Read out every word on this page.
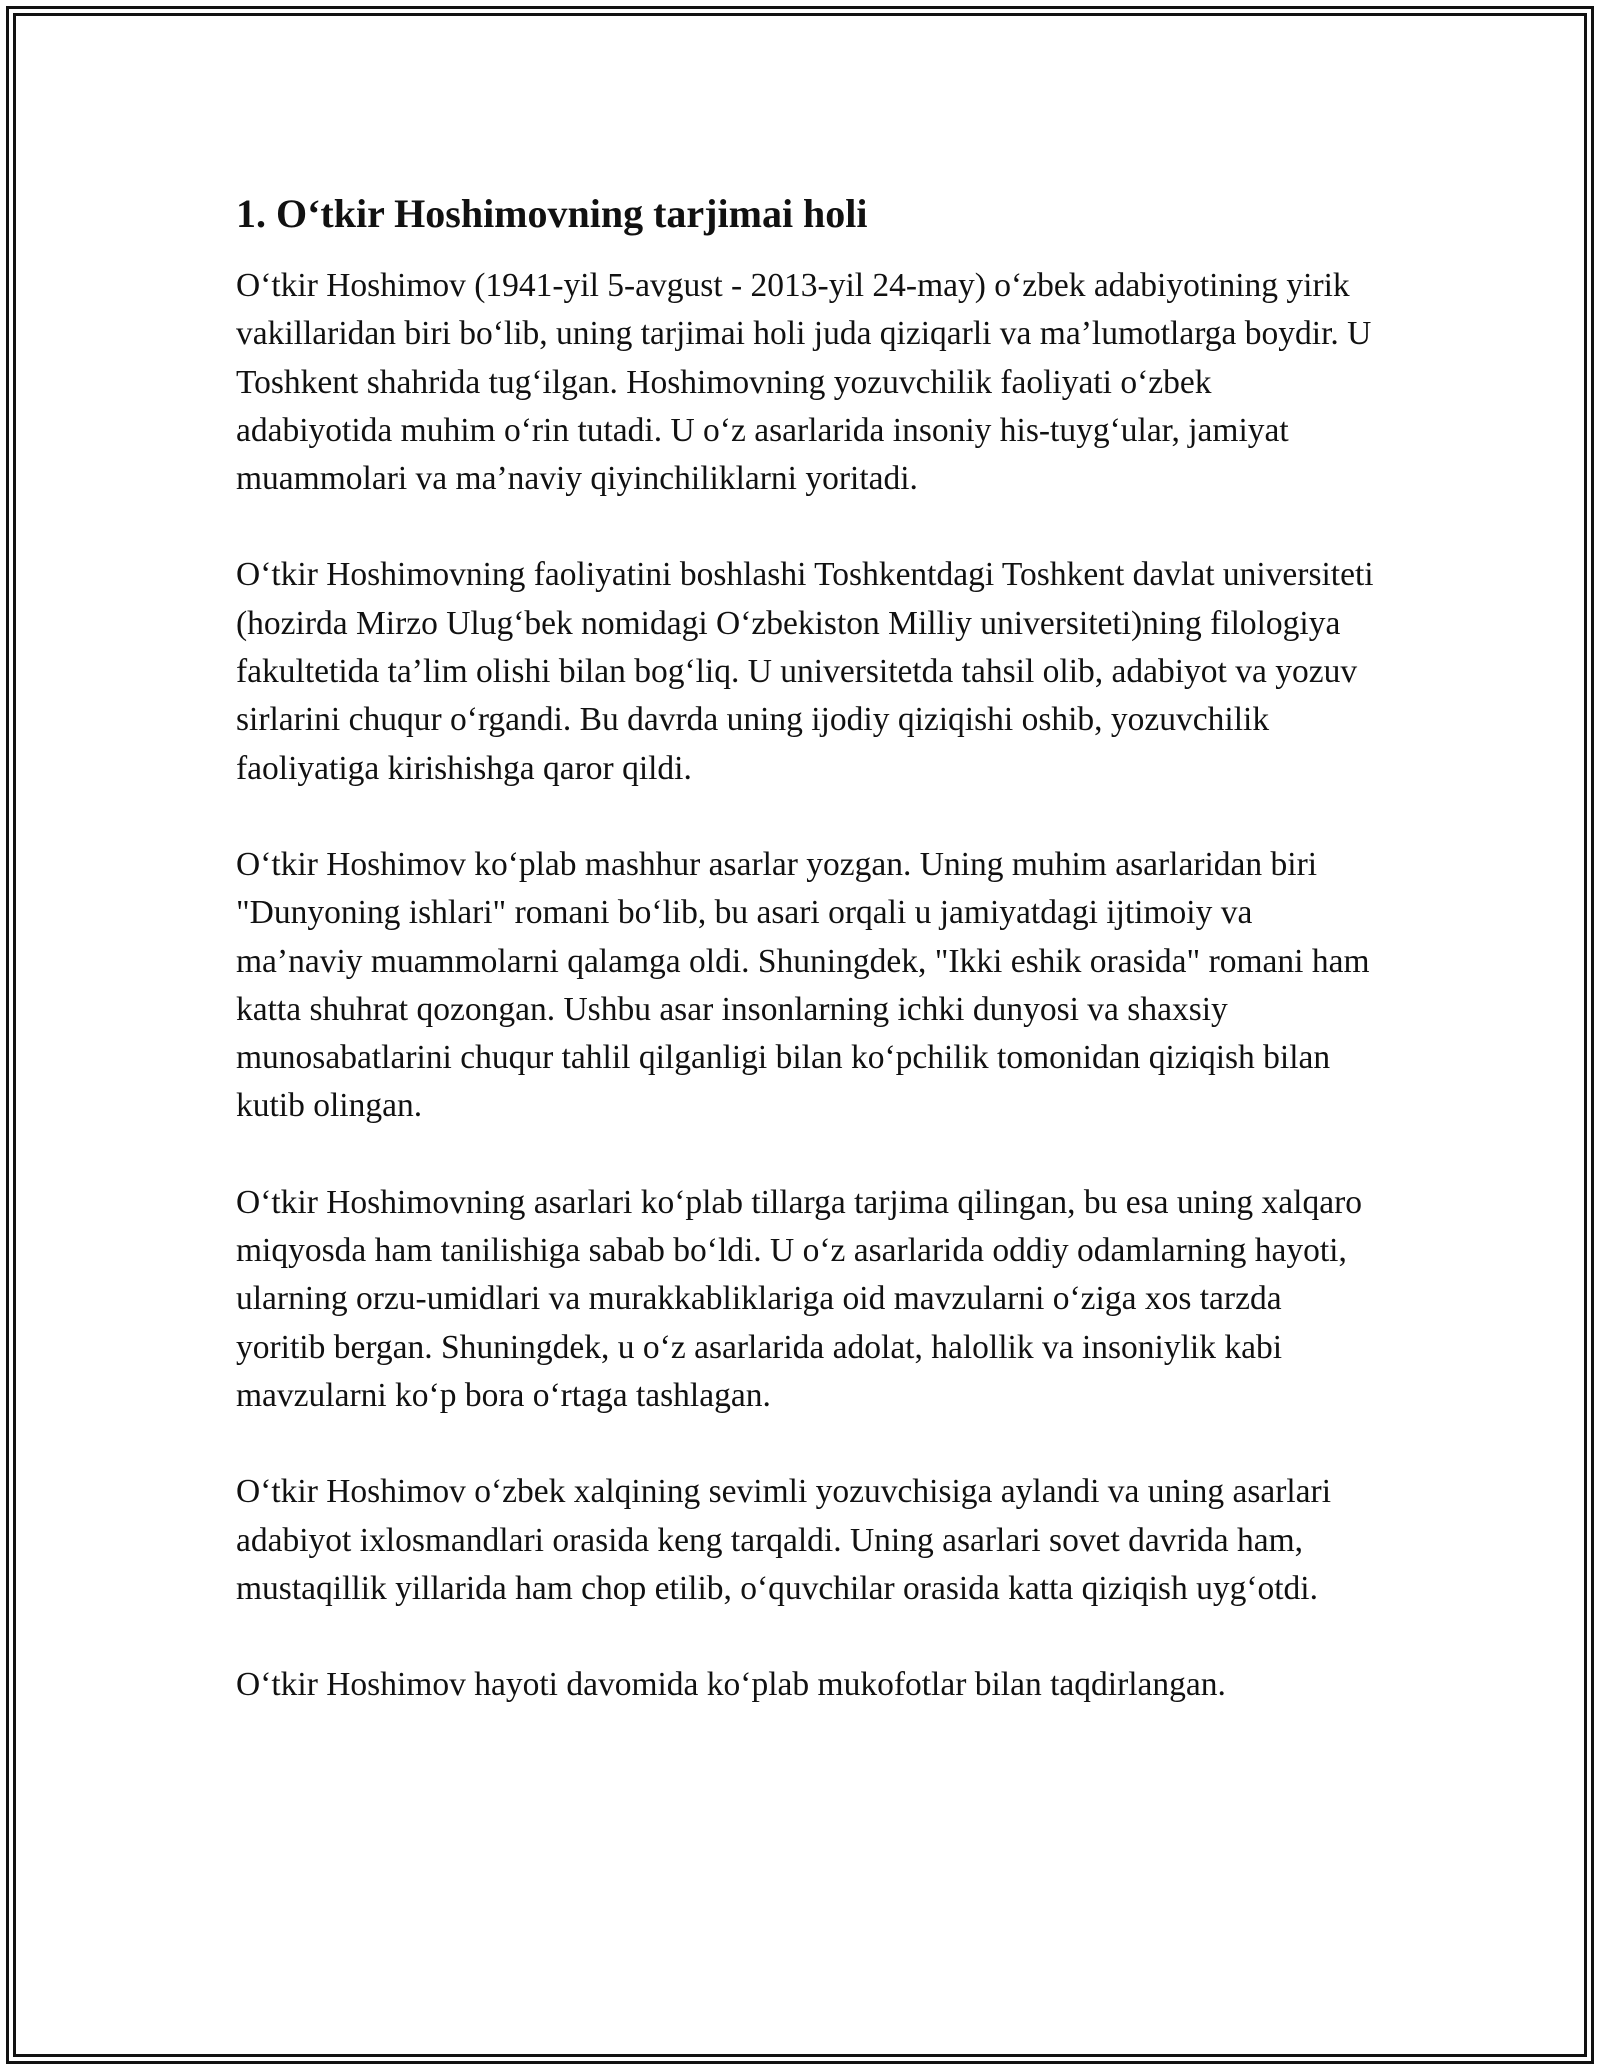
1. O‘tkir Hoshimovning tarjimai holi

O‘tkir Hoshimov (1941-yil 5-avgust - 2013-yil 24-may) o‘zbek adabiyotining yirik vakillaridan biri bo‘lib, uning tarjimai holi juda qiziqarli va ma’lumotlarga boydir. U Toshkent shahrida tug‘ilgan. Hoshimovning yozuvchilik faoliyati o‘zbek adabiyotida muhim o‘rin tutadi. U o‘z asarlarida insoniy his-tuyg‘ular, jamiyat muammolari va ma’naviy qiyinchiliklarni yoritadi.

O‘tkir Hoshimovning faoliyatini boshlashi Toshkentdagi Toshkent davlat universiteti (hozirda Mirzo Ulug‘bek nomidagi O‘zbekiston Milliy universiteti)ning filologiya fakultetida ta’lim olishi bilan bog‘liq. U universitetda tahsil olib, adabiyot va yozuv sirlarini chuqur o‘rgandi. Bu davrda uning ijodiy qiziqishi oshib, yozuvchilik faoliyatiga kirishishga qaror qildi.

O‘tkir Hoshimov ko‘plab mashhur asarlar yozgan. Uning muhim asarlaridan biri "Dunyoning ishlari" romani bo‘lib, bu asari orqali u jamiyatdagi ijtimoiy va ma’naviy muammolarni qalamga oldi. Shuningdek, "Ikki eshik orasida" romani ham katta shuhrat qozongan. Ushbu asar insonlarning ichki dunyosi va shaxsiy munosabatlarini chuqur tahlil qilganligi bilan ko‘pchilik tomonidan qiziqish bilan kutib olingan.

O‘tkir Hoshimovning asarlari ko‘plab tillarga tarjima qilingan, bu esa uning xalqaro miqyosda ham tanilishiga sabab bo‘ldi. U o‘z asarlarida oddiy odamlarning hayoti, ularning orzu-umidlari va murakkabliklariga oid mavzularni o‘ziga xos tarzda yoritib bergan. Shuningdek, u o‘z asarlarida adolat, halollik va insoniylik kabi mavzularni ko‘p bora o‘rtaga tashlagan.

O‘tkir Hoshimov o‘zbek xalqining sevimli yozuvchisiga aylandi va uning asarlari adabiyot ixlosmandlari orasida keng tarqaldi. Uning asarlari sovet davrida ham, mustaqillik yillarida ham chop etilib, o‘quvchilar orasida katta qiziqish uyg‘otdi.

O‘tkir Hoshimov hayoti davomida ko‘plab mukofotlar bilan taqdirlangan.
